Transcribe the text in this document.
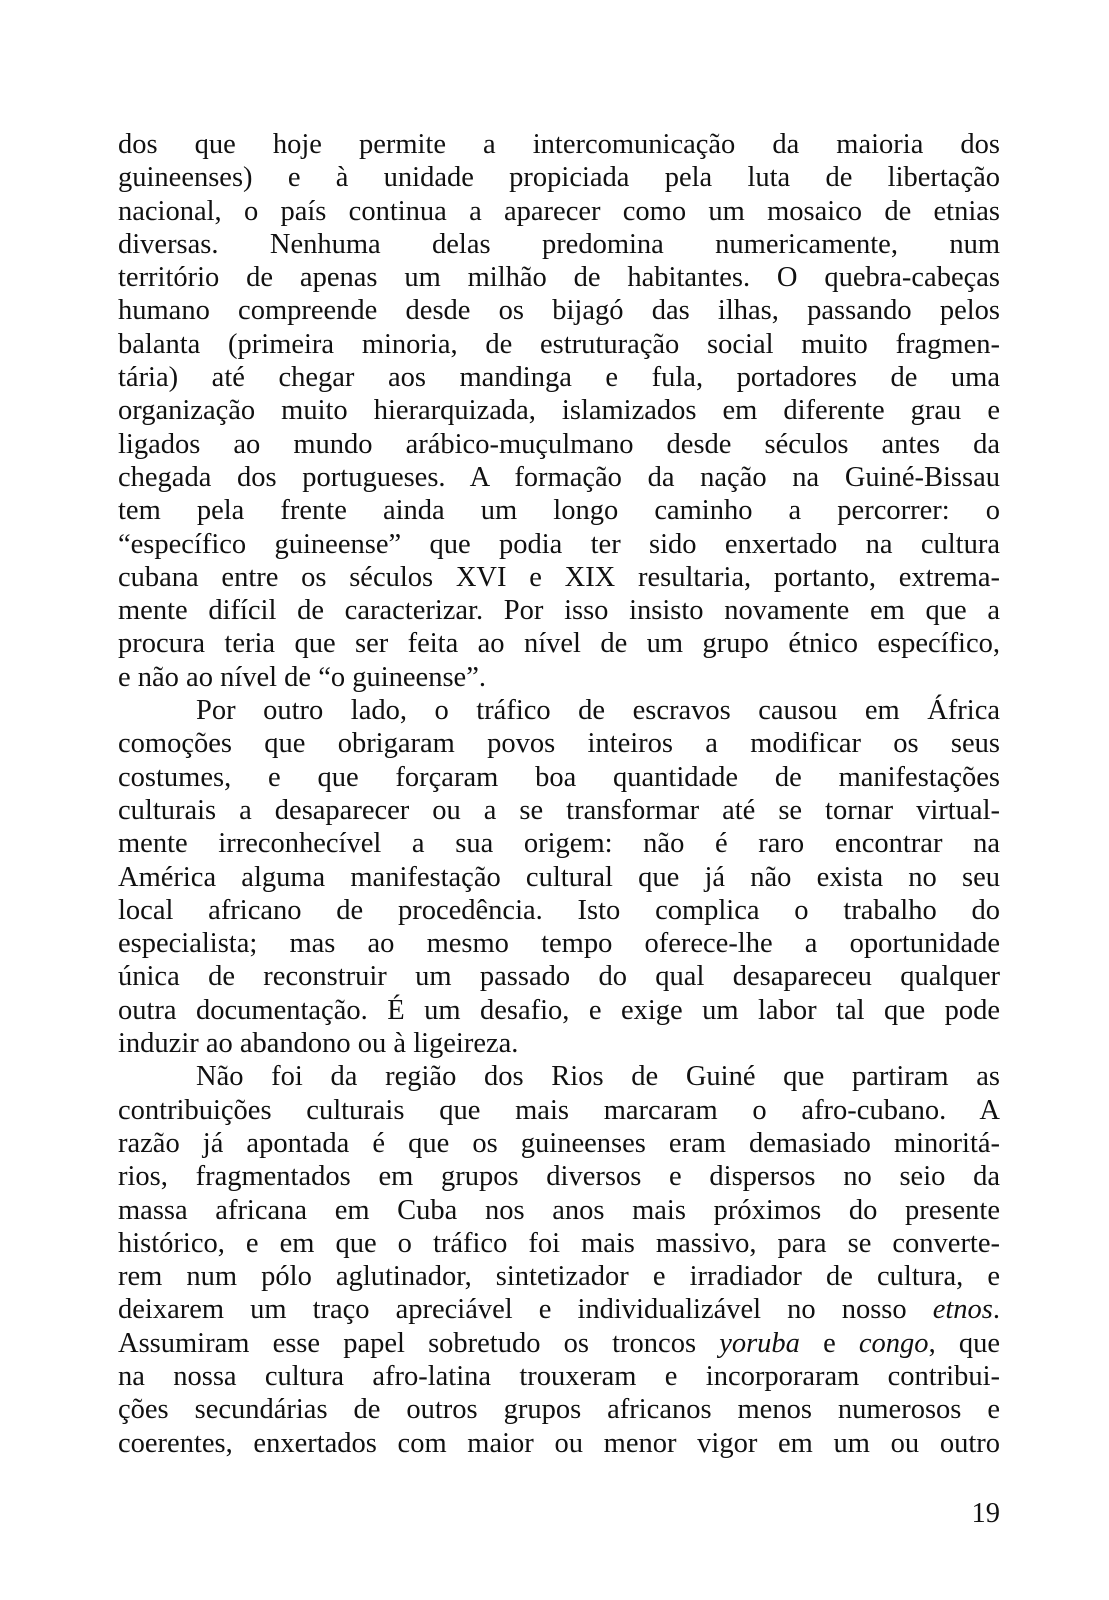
dos que hoje permite a intercomunicação da maioria dos
guineenses) e à unidade propiciada pela luta de libertação
nacional, o país continua a aparecer como um mosaico de etnias
diversas. Nenhuma delas predomina numericamente, num
território de apenas um milhão de habitantes. O quebra-cabeças
humano compreende desde os bijagó das ilhas, passando pelos
balanta (primeira minoria, de estruturação social muito fragmen-
tária) até chegar aos mandinga e fula, portadores de uma
organização muito hierarquizada, islamizados em diferente grau e
ligados ao mundo arábico-muçulmano desde séculos antes da
chegada dos portugueses. A formação da nação na Guiné-Bissau
tem pela frente ainda um longo caminho a percorrer: o
“específico guineense” que podia ter sido enxertado na cultura
cubana entre os séculos XVI e XIX resultaria, portanto, extrema-
mente difícil de caracterizar. Por isso insisto novamente em que a
procura teria que ser feita ao nível de um grupo étnico específico,
e não ao nível de “o guineense”.
Por outro lado, o tráfico de escravos causou em África
comoções que obrigaram povos inteiros a modificar os seus
costumes, e que forçaram boa quantidade de manifestações
culturais a desaparecer ou a se transformar até se tornar virtual-
mente irreconhecível a sua origem: não é raro encontrar na
América alguma manifestação cultural que já não exista no seu
local africano de procedência. Isto complica o trabalho do
especialista; mas ao mesmo tempo oferece-lhe a oportunidade
única de reconstruir um passado do qual desapareceu qualquer
outra documentação. É um desafio, e exige um labor tal que pode
induzir ao abandono ou à ligeireza.
Não foi da região dos Rios de Guiné que partiram as
contribuições culturais que mais marcaram o afro-cubano. A
razão já apontada é que os guineenses eram demasiado minoritá-
rios, fragmentados em grupos diversos e dispersos no seio da
massa africana em Cuba nos anos mais próximos do presente
histórico, e em que o tráfico foi mais massivo, para se converte-
rem num pólo aglutinador, sintetizador e irradiador de cultura, e
deixarem um traço apreciável e individualizável no nosso etnos.
Assumiram esse papel sobretudo os troncos yoruba e congo, que
na nossa cultura afro-latina trouxeram e incorporaram contribui-
ções secundárias de outros grupos africanos menos numerosos e
coerentes, enxertados com maior ou menor vigor em um ou outro
19
